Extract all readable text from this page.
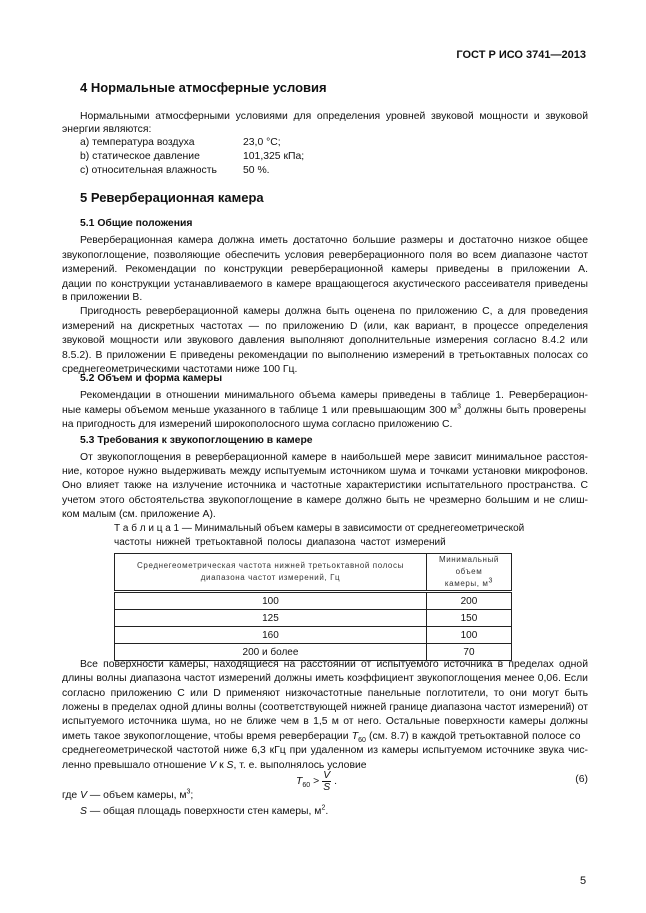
ГОСТ Р ИСО 3741—2013
4 Нормальные атмосферные условия
Нормальными атмосферными условиями для определения уровней звуковой мощности и звуковой
энергии являются:
а) температура воздуха	23,0 °С;
b) статическое давление	101,325 кПа;
с) относительная влажность	50 %.
5 Реверберационная камера
5.1 Общие положения
Реверберационная камера должна иметь достаточно большие размеры и достаточно низкое общее
звукопоглощение, позволяющие обеспечить условия реверберационного поля во всем диапазоне частот
измерений. Рекомендации по конструкции реверберационной камеры приведены в приложении А.
дации по конструкции устанавливаемого в камере вращающегося акустического рассеивателя приведены
в приложении В.
Пригодность реверберационной камеры должна быть оценена по приложению С, а для проведения
измерений на дискретных частотах — по приложению D (или, как вариант, в процессе определения
звуковой мощности или звукового давления выполняют дополнительные измерения согласно 8.4.2 или
8.5.2). В приложении Е приведены рекомендации по выполнению измерений в третьоктавных полосах со
среднегеометрическими частотами ниже 100 Гц.
5.2 Объем и форма камеры
Рекомендации в отношении минимального объема камеры приведены в таблице 1. Реверберацион-
ные камеры объемом меньше указанного в таблице 1 или превышающим 300 $м^3$ должны быть проверены
на пригодность для измерений широкополосного шума согласно приложению С.
5.3 Требования к звукопоглощению в камере
От звукопоглощения в реверберационной камере в наибольшей мере зависит минимальное расстоя-
ние, которое нужно выдерживать между испытуемым источником шума и точками установки микрофонов.
Оно влияет также на излучение источника и частотные характеристики испытательного пространства. С
учетом этого обстоятельства звукопоглощение в камере должно быть не чрезмерно большим и не слиш-
ком малым (см. приложение А).
Т а б л и ц а 1 — Минимальный объем камеры в зависимости от среднегеометрической
частоты нижней третьоктавной полосы диапазона частот измерений
Среднегеометрическая частота нижней третьоктавной полосы диапазона частот измерений, Гц	Минимальный объем камеры, $м^3$
100	200
125	150
160	100
200 и более	70
Все поверхности камеры, находящиеся на расстоянии от испытуемого источника в пределах одной
длины волны диапазона частот измерений должны иметь коэффициент звукопоглощения менее 0,06. Если
согласно приложению С или D применяют низкочастотные панельные поглотители, то они могут быть
ложены в пределах одной длины волны (соответствующей нижней границе диапазона частот измерений) от
испытуемого источника шума, но не ближе чем в 1,5 м от него. Остальные поверхности камеры должны
иметь такое звукопоглощение, чтобы время реверберации $T_{60}$ (см. 8.7) в каждой третьоктавной полосе со
среднегеометрической частотой ниже 6,3 кГц при удаленном из камеры испытуемом источнике звука чис-
ленно превышало отношение V к S, т. е. выполнялось условие
$T_{60} > \frac{V}{S}$ .	(6)
где V — объем камеры, $м^3$;
S — общая площадь поверхности стен камеры, $м^2$.
5
